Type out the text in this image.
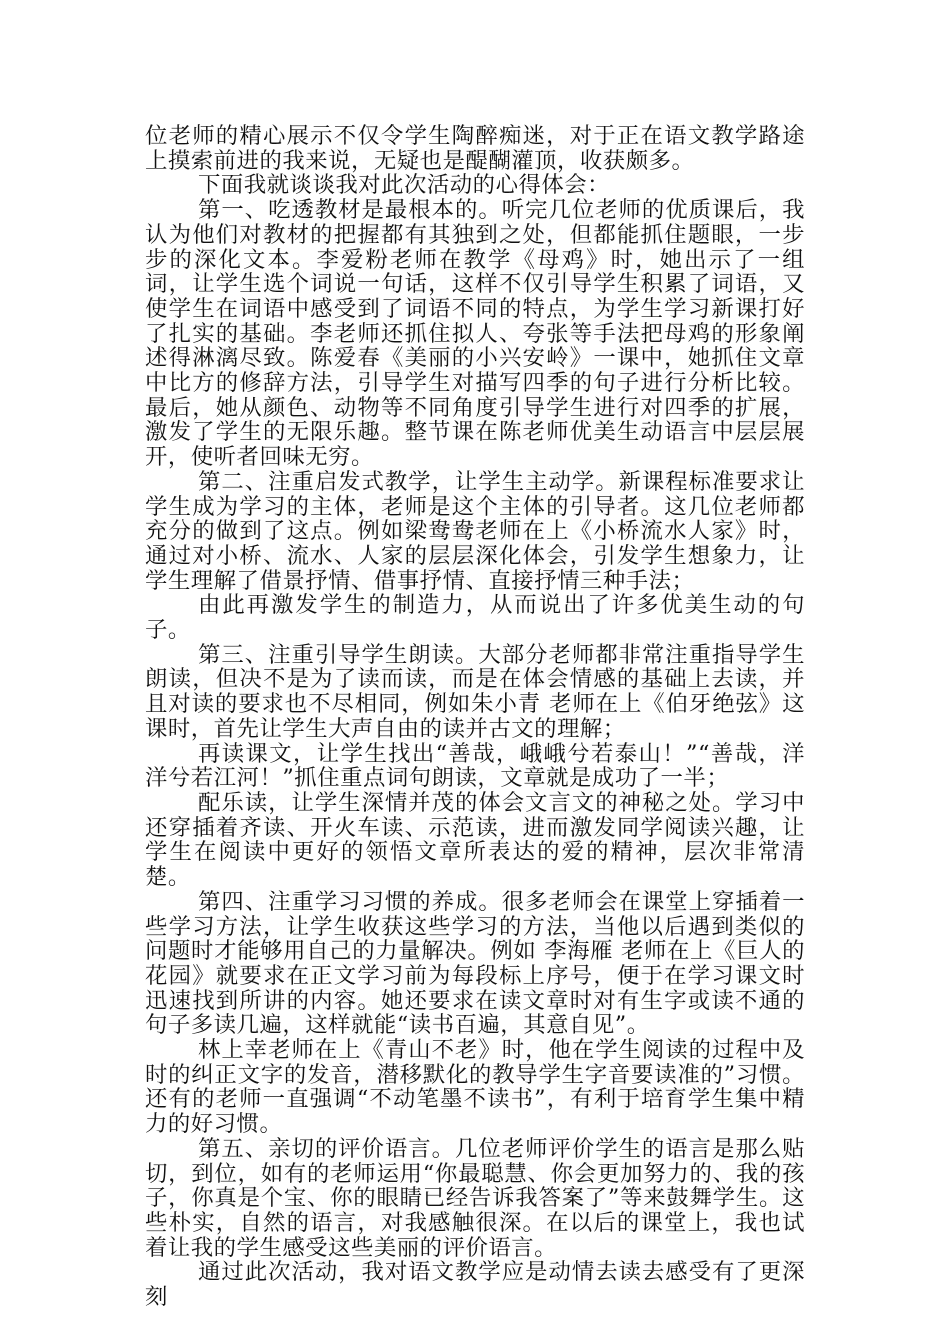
位老师的精心展示不仅令学生陶醉痴迷，对于正在语文教学路途上摸索前进的我来说，无疑也是醍醐灌顶，收获颇多。

下面我就谈谈我对此次活动的心得体会：

第一、吃透教材是最根本的。听完几位老师的优质课后，我认为他们对教材的把握都有其独到之处，但都能抓住题眼，一步步的深化文本。李爱粉老师在教学《母鸡》时，她出示了一组词，让学生选个词说一句话，这样不仅引导学生积累了词语，又使学生在词语中感受到了词语不同的特点，为学生学习新课打好了扎实的基础。李老师还抓住拟人、夸张等手法把母鸡的形象阐述得淋漓尽致。陈爱春《美丽的小兴安岭》一课中，她抓住文章中比方的修辞方法，引导学生对描写四季的句子进行分析比较。最后，她从颜色、动物等不同角度引导学生进行对四季的扩展，激发了学生的无限乐趣。整节课在陈老师优美生动语言中层层展开，使听者回味无穷。

第二、注重启发式教学，让学生主动学。新课程标准要求让学生成为学习的主体，老师是这个主体的引导者。这几位老师都充分的做到了这点。例如梁鸯鸯老师在上《小桥流水人家》时，通过对小桥、流水、人家的层层深化体会，引发学生想象力，让学生理解了借景抒情、借事抒情、直接抒情三种手法；

由此再激发学生的制造力，从而说出了许多优美生动的句子。

第三、注重引导学生朗读。大部分老师都非常注重指导学生朗读，但决不是为了读而读，而是在体会情感的基础上去读，并且对读的要求也不尽相同，例如朱小青 老师在上《伯牙绝弦》这课时，首先让学生大声自由的读并古文的理解；

再读课文，让学生找出“善哉，峨峨兮若泰山！”“善哉，洋洋兮若江河！”抓住重点词句朗读，文章就是成功了一半；

配乐读，让学生深情并茂的体会文言文的神秘之处。学习中还穿插着齐读、开火车读、示范读，进而激发同学阅读兴趣，让学生在阅读中更好的领悟文章所表达的爱的精神，层次非常清楚。

第四、注重学习习惯的养成。很多老师会在课堂上穿插着一些学习方法，让学生收获这些学习的方法，当他以后遇到类似的问题时才能够用自己的力量解决。例如 李海雁 老师在上《巨人的花园》就要求在正文学习前为每段标上序号，便于在学习课文时迅速找到所讲的内容。她还要求在读文章时对有生字或读不通的句子多读几遍，这样就能“读书百遍，其意自见”。

林上幸老师在上《青山不老》时，他在学生阅读的过程中及时的纠正文字的发音，潜移默化的教导学生字音要读准的”习惯。还有的老师一直强调“不动笔墨不读书”，有利于培育学生集中精力的好习惯。

第五、亲切的评价语言。几位老师评价学生的语言是那么贴切，到位，如有的老师运用“你最聪慧、你会更加努力的、我的孩子，你真是个宝、你的眼睛已经告诉我答案了”等来鼓舞学生。这些朴实，自然的语言，对我感触很深。在以后的课堂上，我也试着让我的学生感受这些美丽的评价语言。

通过此次活动，我对语文教学应是动情去读去感受有了更深刻
